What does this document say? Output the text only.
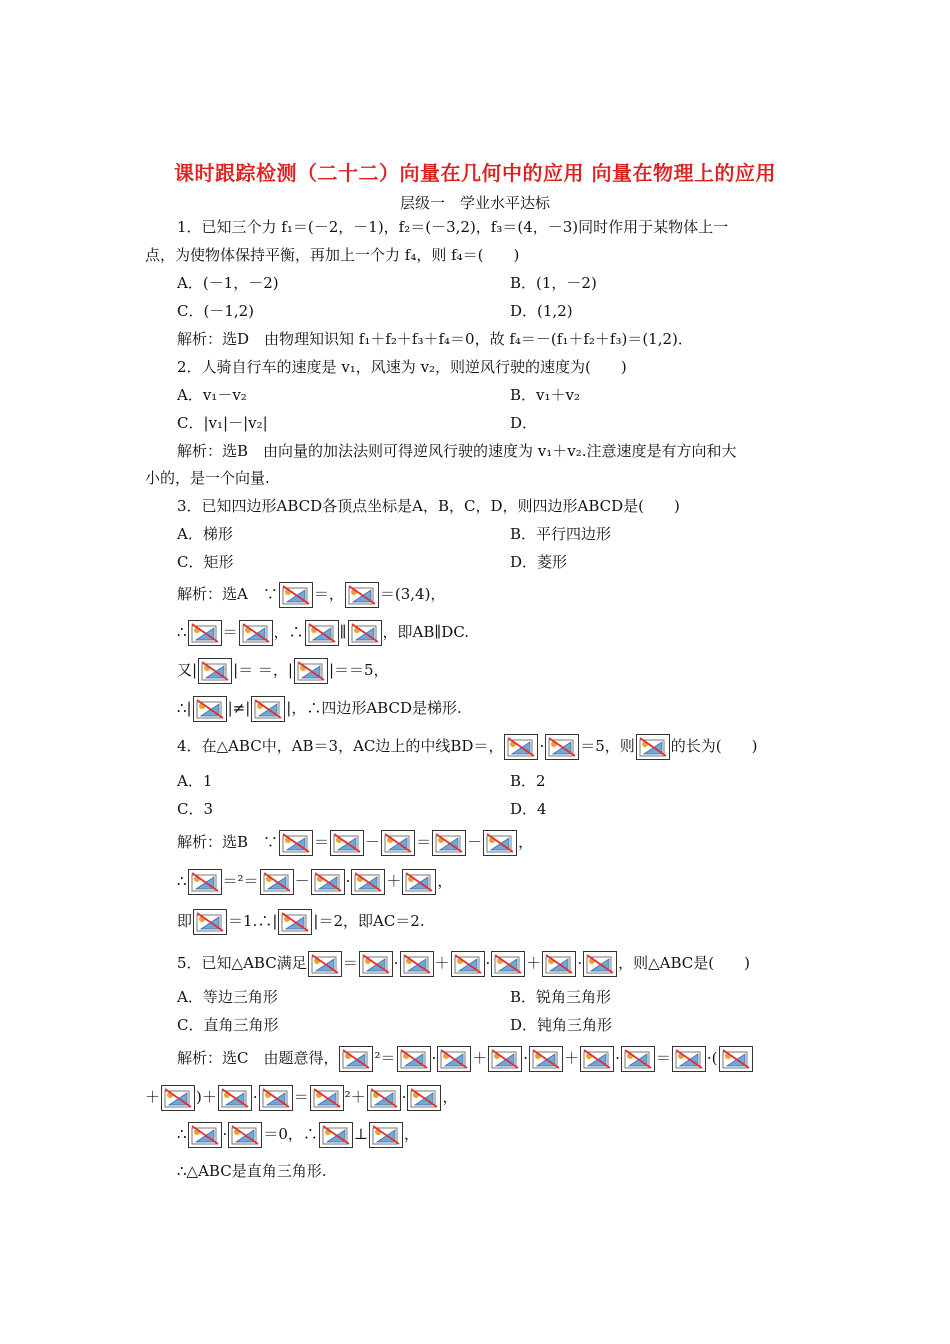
课时跟踪检测（二十二）向量在几何中的应用 向量在物理上的应用
层级一　学业水平达标
1．已知三个力 f₁＝(－2，－1)，f₂＝(－3,2)，f₃＝(4，－3)同时作用于某物体上一
点，为使物体保持平衡，再加上一个力 f₄，则 f₄＝(　　)
A．(－1，－2)	B．(1，－2)
C．(－1,2)	D．(1,2)
解析：选D　由物理知识知 f₁＋f₂＋f₃＋f₄＝0，故 f₄＝－(f₁＋f₂＋f₃)＝(1,2)．
2．人骑自行车的速度是 v₁，风速为 v₂，则逆风行驶的速度为(　　)
A．v₁－v₂	B．v₁＋v₂
C．|v₁|－|v₂|	D．
解析：选B　由向量的加法法则可得逆风行驶的速度为 v₁＋v₂.注意速度是有方向和大
小的，是一个向量.
3．已知四边形ABCD各顶点坐标是A，B，C，D，则四边形ABCD是(　　)
A．梯形	B．平行四边形
C．矩形	D．菱形
解析：选A　∵ ＝， ＝(3,4)，
∴ ＝ ，∴ ∥ ，即AB∥DC.
又| |＝ ＝，| |＝＝5，
∴| |≠| |，∴四边形ABCD是梯形.
4．在△ABC中，AB＝3，AC边上的中线BD＝， · ＝5，则 的长为(　　)
A．1	B．2
C．3	D．4
解析：选B　∵ ＝ － ＝ － ，
∴ ＝²＝ － · ＋ ，
即 ＝1.∴| |＝2，即AC＝2.
5．已知△ABC满足 ＝ · ＋ · ＋ · ，则△ABC是(　　)
A．等边三角形	B．锐角三角形
C．直角三角形	D．钝角三角形
解析：选C　由题意得， ²＝ · ＋ · ＋ · ＝ ·(
＋ )＋ · ＝ ²＋ · ，
∴ · ＝0，∴ ⊥ ，
∴△ABC是直角三角形.
